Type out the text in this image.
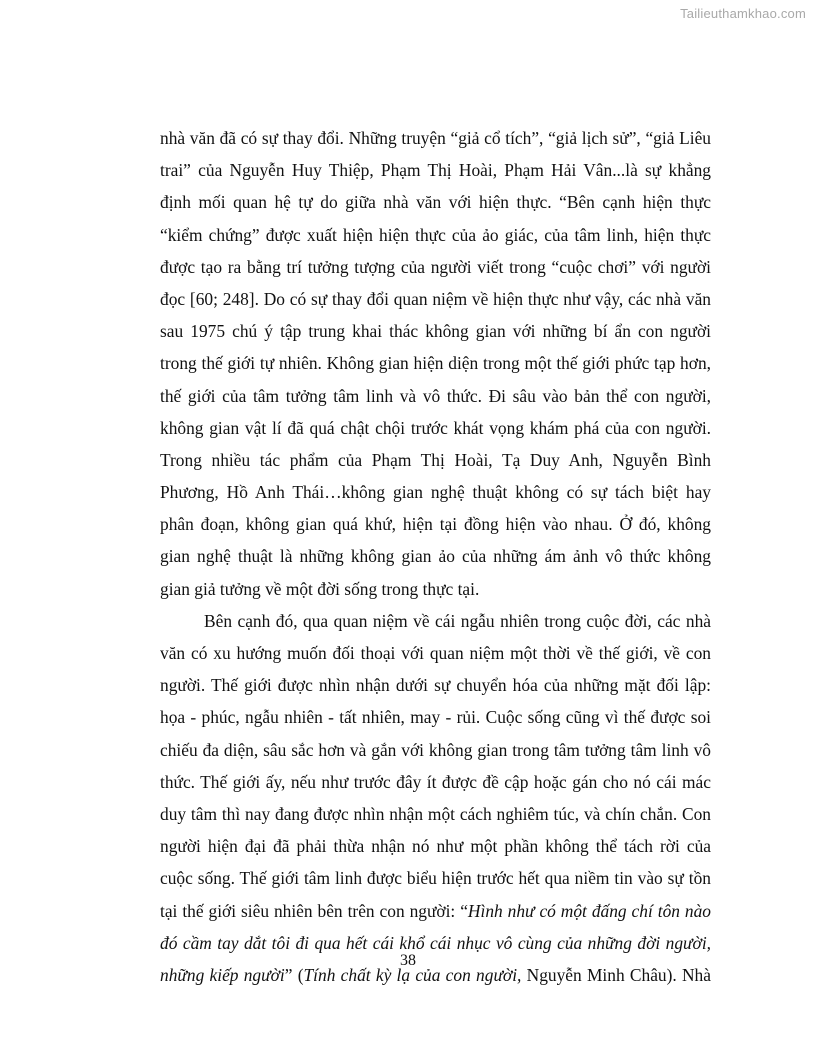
Tailieuthamkhao.com
nhà văn đã có sự thay đổi. Những truyện “giả cổ tích”, “giả lịch sử”, “giả Liêu
trai” của Nguyễn Huy Thiệp, Phạm Thị Hoài, Phạm Hải Vân...là sự khẳng
định mối quan hệ tự do giữa nhà văn với hiện thực. “Bên cạnh hiện thực
“kiểm chứng” được xuất hiện hiện thực của ảo giác, của tâm linh, hiện thực
được tạo ra bằng trí tưởng tượng của người viết trong “cuộc chơi” với người
đọc [60; 248]. Do có sự thay đổi quan niệm về hiện thực như vậy, các nhà văn
sau 1975 chú ý tập trung khai thác không gian với những bí ẩn con người
trong thế giới tự nhiên. Không gian hiện diện trong một thế giới phức tạp hơn,
thế giới của tâm tưởng tâm linh và vô thức. Đi sâu vào bản thể con người,
không gian vật lí đã quá chật chội trước khát vọng khám phá của con người.
Trong nhiều tác phẩm của Phạm Thị Hoài, Tạ Duy Anh, Nguyễn Bình
Phương, Hồ Anh Thái…không gian nghệ thuật không có sự tách biệt hay
phân đoạn, không gian quá khứ, hiện tại đồng hiện vào nhau. Ở đó, không
gian nghệ thuật là những không gian ảo của những ám ảnh vô thức không
gian giả tưởng về một đời sống trong thực tại.
Bên cạnh đó, qua quan niệm về cái ngẫu nhiên trong cuộc đời, các nhà
văn có xu hướng muốn đối thoại với quan niệm một thời về thế giới, về con
người. Thế giới được nhìn nhận dưới sự chuyển hóa của những mặt đối lập:
họa - phúc, ngẫu nhiên - tất nhiên, may - rủi. Cuộc sống cũng vì thế được soi
chiếu đa diện, sâu sắc hơn và gắn với không gian trong tâm tưởng tâm linh vô
thức. Thế giới ấy, nếu như trước đây ít được đề cập hoặc gán cho nó cái mác
duy tâm thì nay đang được nhìn nhận một cách nghiêm túc, và chín chắn. Con
người hiện đại đã phải thừa nhận nó như một phần không thể tách rời của
cuộc sống. Thế giới tâm linh được biểu hiện trước hết qua niềm tin vào sự tồn
tại thế giới siêu nhiên bên trên con người: “Hình như có một đấng chí tôn nào
đó cầm tay dắt tôi đi qua hết cái khổ cái nhục vô cùng của những đời người,
những kiếp người” (Tính chất kỳ lạ của con người, Nguyễn Minh Châu). Nhà
38
